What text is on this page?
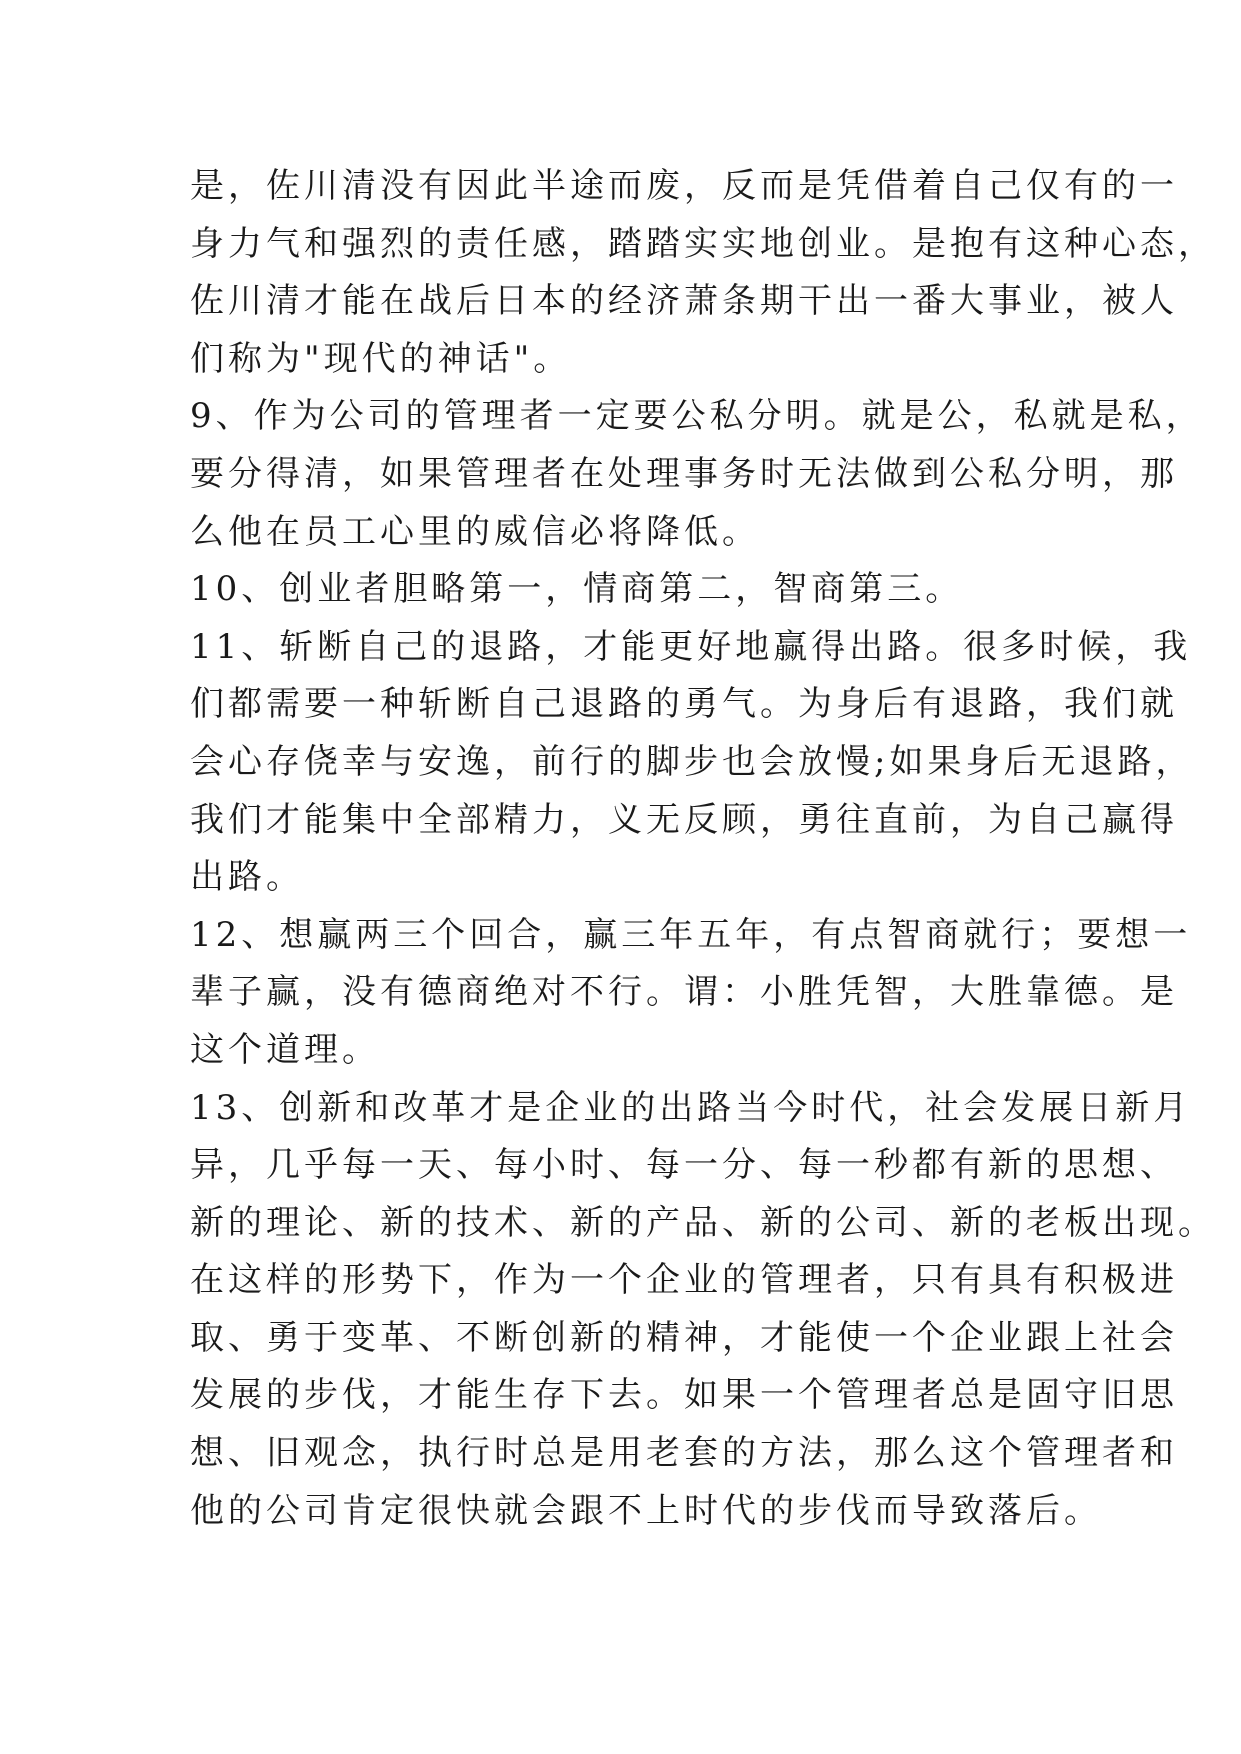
是，佐川清没有因此半途而废，反而是凭借着自己仅有的一

身力气和强烈的责任感，踏踏实实地创业。是抱有这种心态，

佐川清才能在战后日本的经济萧条期干出一番大事业，被人

们称为"现代的神话"。

9、作为公司的管理者一定要公私分明。就是公，私就是私，

要分得清，如果管理者在处理事务时无法做到公私分明，那

么他在员工心里的威信必将降低。

10、创业者胆略第一，情商第二，智商第三。

11、斩断自己的退路，才能更好地赢得出路。很多时候，我

们都需要一种斩断自己退路的勇气。为身后有退路，我们就

会心存侥幸与安逸，前行的脚步也会放慢;如果身后无退路，

我们才能集中全部精力，义无反顾，勇往直前，为自己赢得

出路。

12、想赢两三个回合，赢三年五年，有点智商就行；要想一

辈子赢，没有德商绝对不行。谓：小胜凭智，大胜靠德。是

这个道理。

13、创新和改革才是企业的出路当今时代，社会发展日新月

异，几乎每一天、每小时、每一分、每一秒都有新的思想、

新的理论、新的技术、新的产品、新的公司、新的老板出现。

在这样的形势下，作为一个企业的管理者，只有具有积极进

取、勇于变革、不断创新的精神，才能使一个企业跟上社会

发展的步伐，才能生存下去。如果一个管理者总是固守旧思

想、旧观念，执行时总是用老套的方法，那么这个管理者和

他的公司肯定很快就会跟不上时代的步伐而导致落后。
